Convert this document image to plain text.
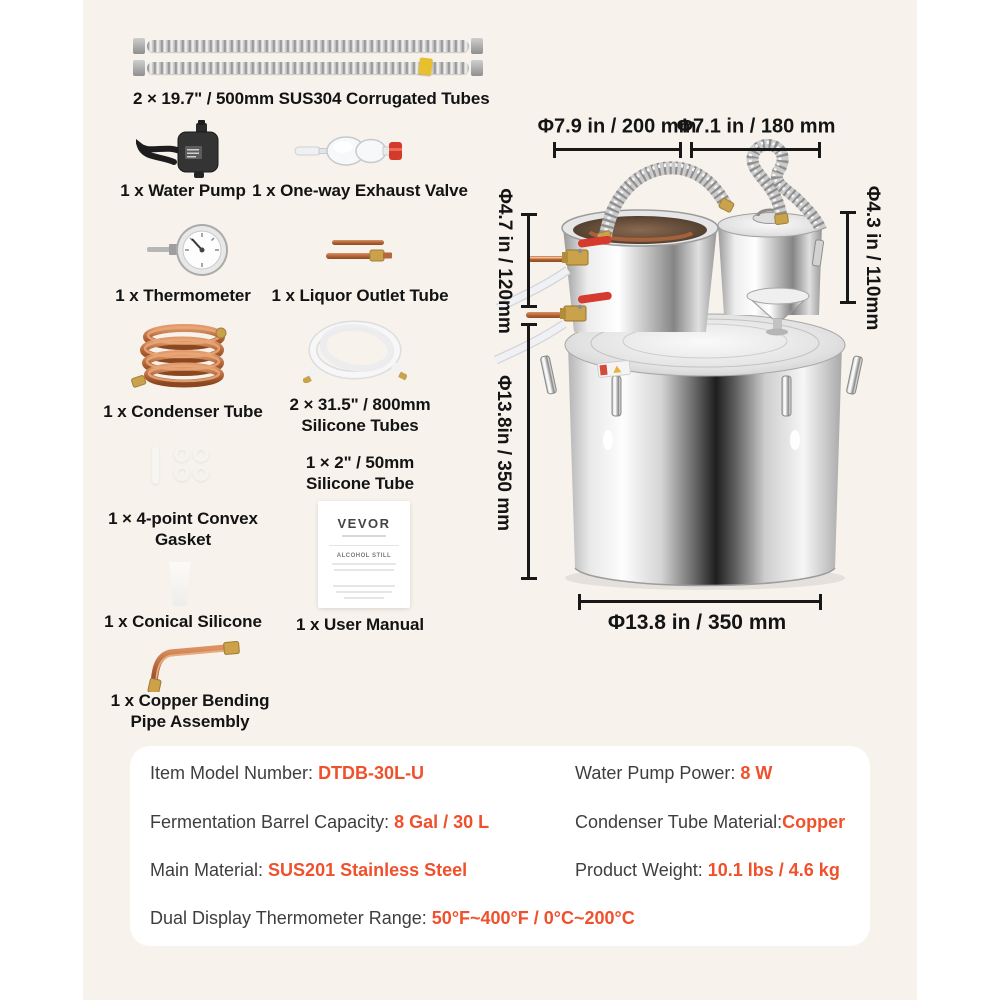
2 × 19.7" / 500mm SUS304 Corrugated Tubes
1 x Water Pump 1 x One-way Exhaust Valve
1 x Thermometer	1 x Liquor Outlet Tube
1 x Condenser Tube	2 × 31.5" / 800mm
Silicone Tubes
1 × 4-point Convex
Gasket
1 × 2" / 50mm
Silicone Tube
1 x Conical Silicone
VEVOR
ALCOHOL STILL
1 x User Manual
1 x Copper Bending
Pipe Assembly
Φ7.9 in / 200 mm
Φ7.1 in / 180 mm
Φ4.7 in / 120mm
Φ13.8in / 350 mm
Φ4.3 in / 110mm
Φ13.8 in / 350 mm
Item Model Number: DTDB-30L-U	Water Pump Power: 8 W
Fermentation Barrel Capacity: 8 Gal / 30 L	Condenser Tube Material:Copper
Main Material: SUS201 Stainless Steel	Product Weight: 10.1 lbs / 4.6 kg
Dual Display Thermometer Range: 50°F~400°F / 0°C~200°C
